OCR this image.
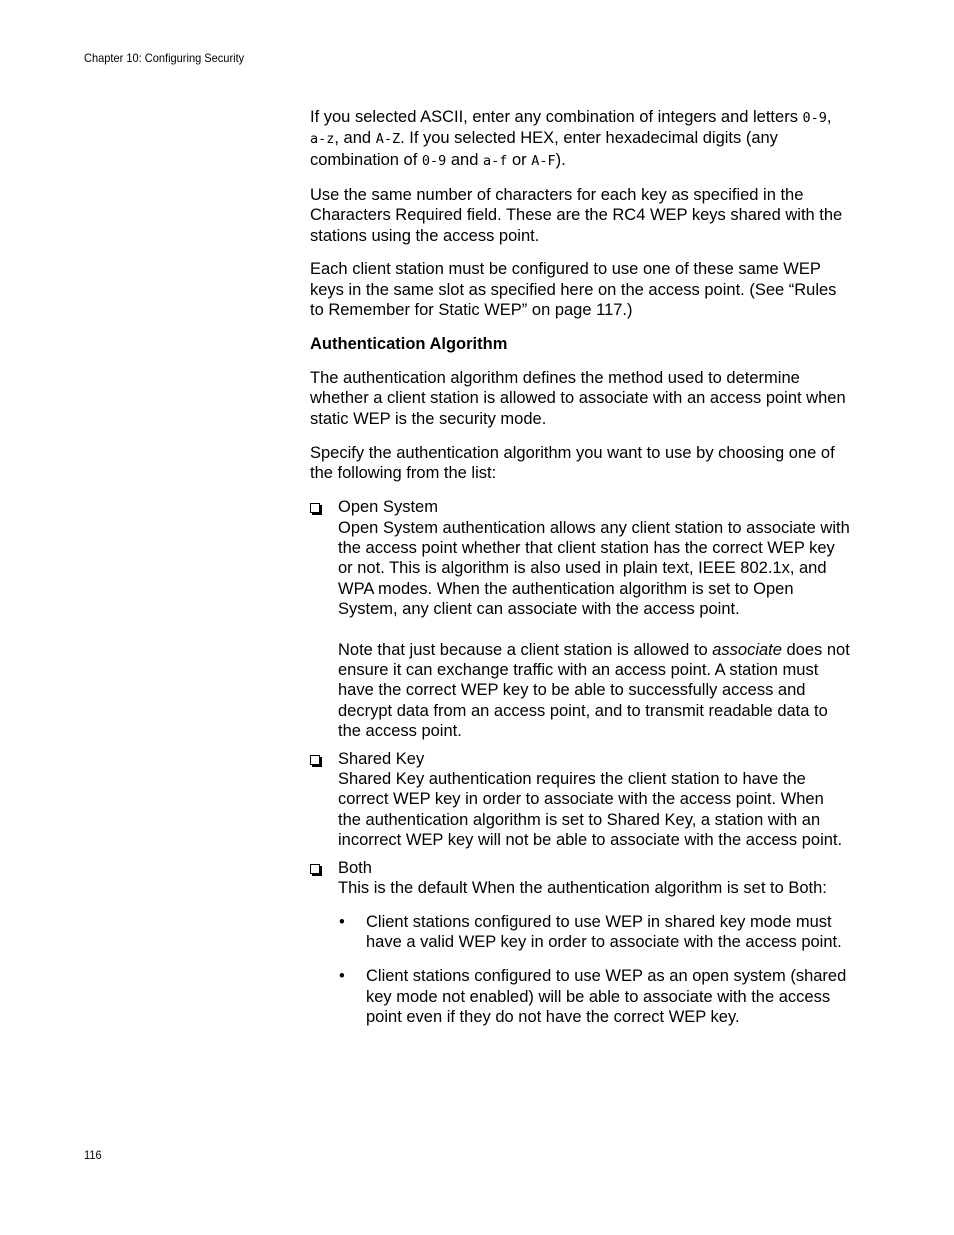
Chapter 10: Configuring Security

If you selected ASCII, enter any combination of integers and letters 0-9, a-z, and A-Z. If you selected HEX, enter hexadecimal digits (any combination of 0-9 and a-f or A-F).

Use the same number of characters for each key as specified in the Characters Required field. These are the RC4 WEP keys shared with the stations using the access point.

Each client station must be configured to use one of these same WEP keys in the same slot as specified here on the access point. (See “Rules to Remember for Static WEP” on page 117.)

Authentication Algorithm

The authentication algorithm defines the method used to determine whether a client station is allowed to associate with an access point when static WEP is the security mode.

Specify the authentication algorithm you want to use by choosing one of the following from the list:

Open System

Open System authentication allows any client station to associate with the access point whether that client station has the correct WEP key or not. This is algorithm is also used in plain text, IEEE 802.1x, and WPA modes. When the authentication algorithm is set to Open System, any client can associate with the access point.

Note that just because a client station is allowed to associate does not ensure it can exchange traffic with an access point. A station must have the correct WEP key to be able to successfully access and decrypt data from an access point, and to transmit readable data to the access point.

Shared Key

Shared Key authentication requires the client station to have the correct WEP key in order to associate with the access point. When the authentication algorithm is set to Shared Key, a station with an incorrect WEP key will not be able to associate with the access point.

Both

This is the default When the authentication algorithm is set to Both:

• Client stations configured to use WEP in shared key mode must have a valid WEP key in order to associate with the access point.

• Client stations configured to use WEP as an open system (shared key mode not enabled) will be able to associate with the access point even if they do not have the correct WEP key.

116
